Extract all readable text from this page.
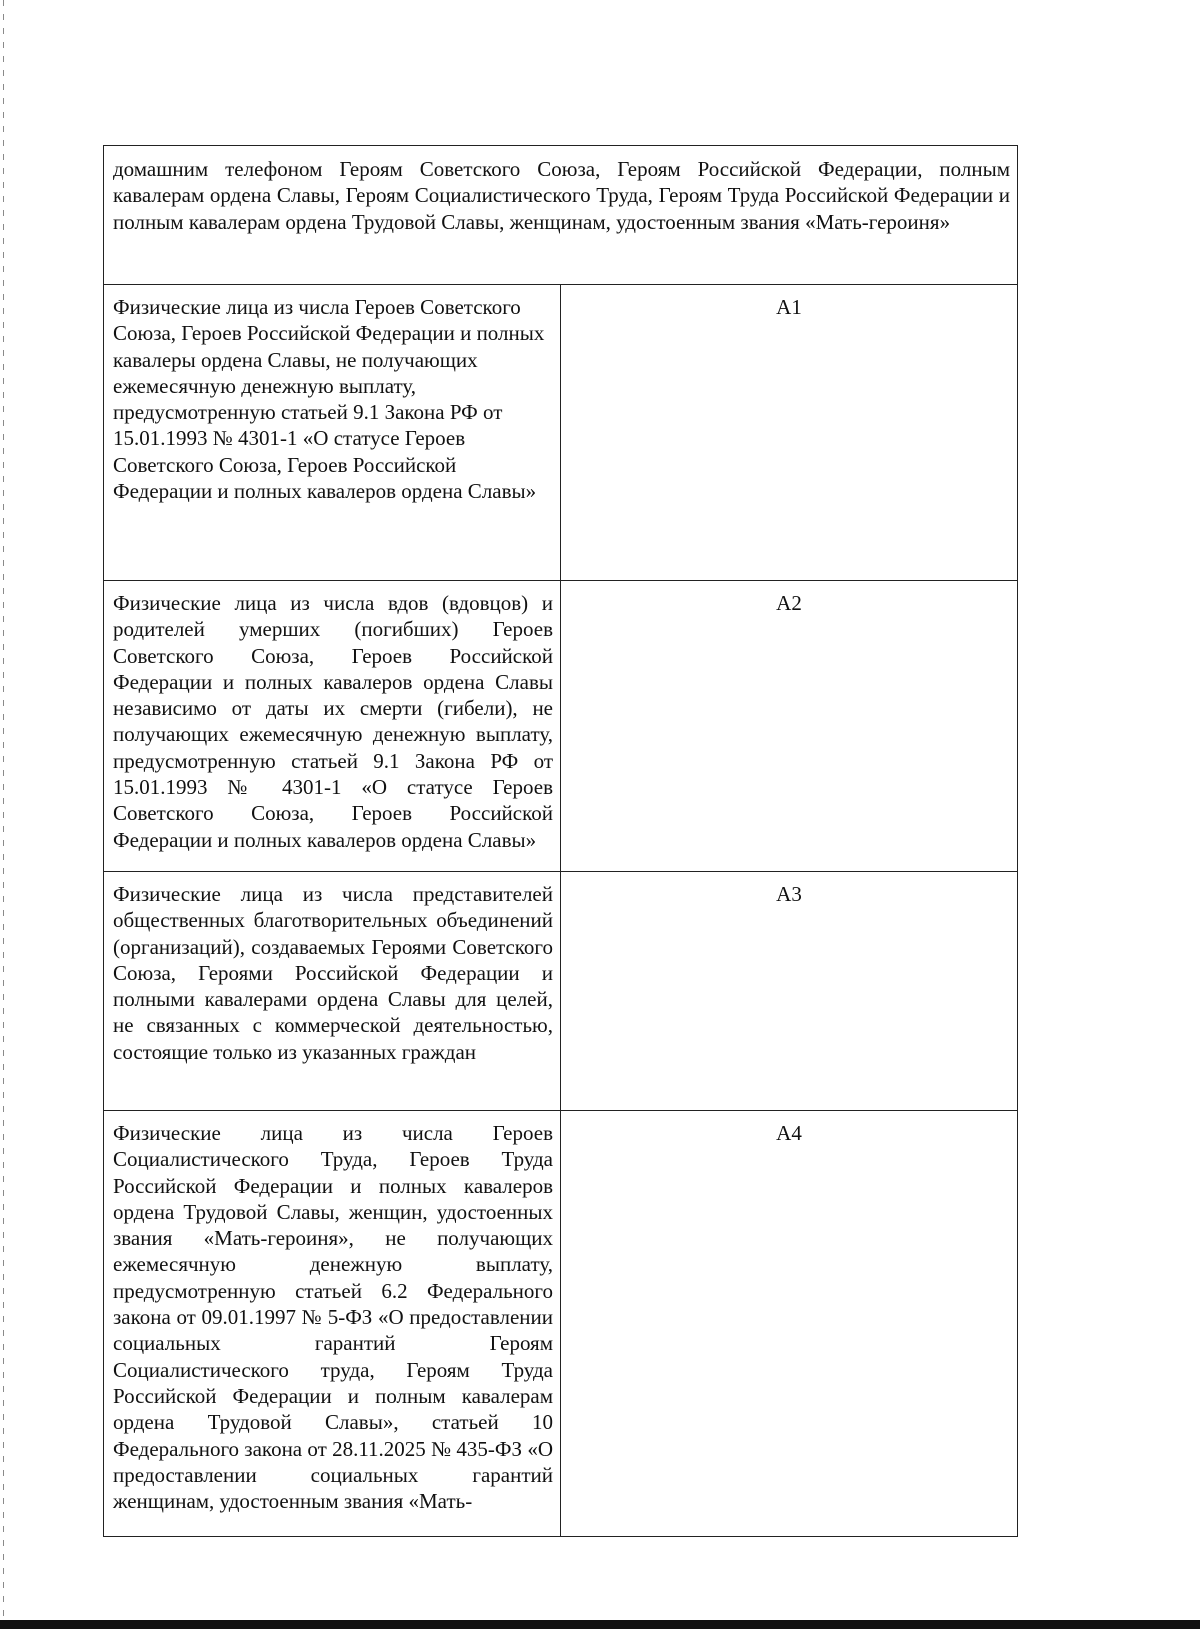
домашним телефоном Героям Советского Союза, Героям Российской Федерации, полным кавалерам ордена Славы, Героям Социалистического Труда, Героям Труда Российской Федерации и полным кавалерам ордена Трудовой Славы, женщинам, удостоенным звания «Мать-героиня»	
Физические лица из числа Героев Советского Союза, Героев Российской Федерации и полных кавалеры ордена Славы, не получающих ежемесячную денежную выплату, предусмотренную статьей 9.1 Закона РФ от 15.01.1993 № 4301-1 «О статусе Героев Советского Союза, Героев Российской Федерации и полных кавалеров ордена Славы»	А1
Физические лица из числа вдов (вдовцов) и родителей умерших (погибших) Героев Советского Союза, Героев Российской Федерации и полных кавалеров ордена Славы независимо от даты их смерти (гибели), не получающих ежемесячную денежную выплату, предусмотренную статьей 9.1 Закона РФ от 15.01.1993 № 4301-1 «О статусе Героев Советского Союза, Героев Российской Федерации и полных кавалеров ордена Славы»	А2
Физические лица из числа представителей общественных благотворительных объединений (организаций), создаваемых Героями Советского Союза, Героями Российской Федерации и полными кавалерами ордена Славы для целей, не связанных с коммерческой деятельностью, состоящие только из указанных граждан	А3
Физические лица из числа Героев Социалистического Труда, Героев Труда Российской Федерации и полных кавалеров ордена Трудовой Славы, женщин, удостоенных звания «Мать-героиня», не получающих ежемесячную денежную выплату, предусмотренную статьей 6.2 Федерального закона от 09.01.1997 № 5-ФЗ «О предоставлении социальных гарантий Героям Социалистического труда, Героям Труда Российской Федерации и полным кавалерам ордена Трудовой Славы», статьей 10 Федерального закона от 28.11.2025 № 435-ФЗ «О предоставлении социальных гарантий женщинам, удостоенным звания «Мать-	А4
